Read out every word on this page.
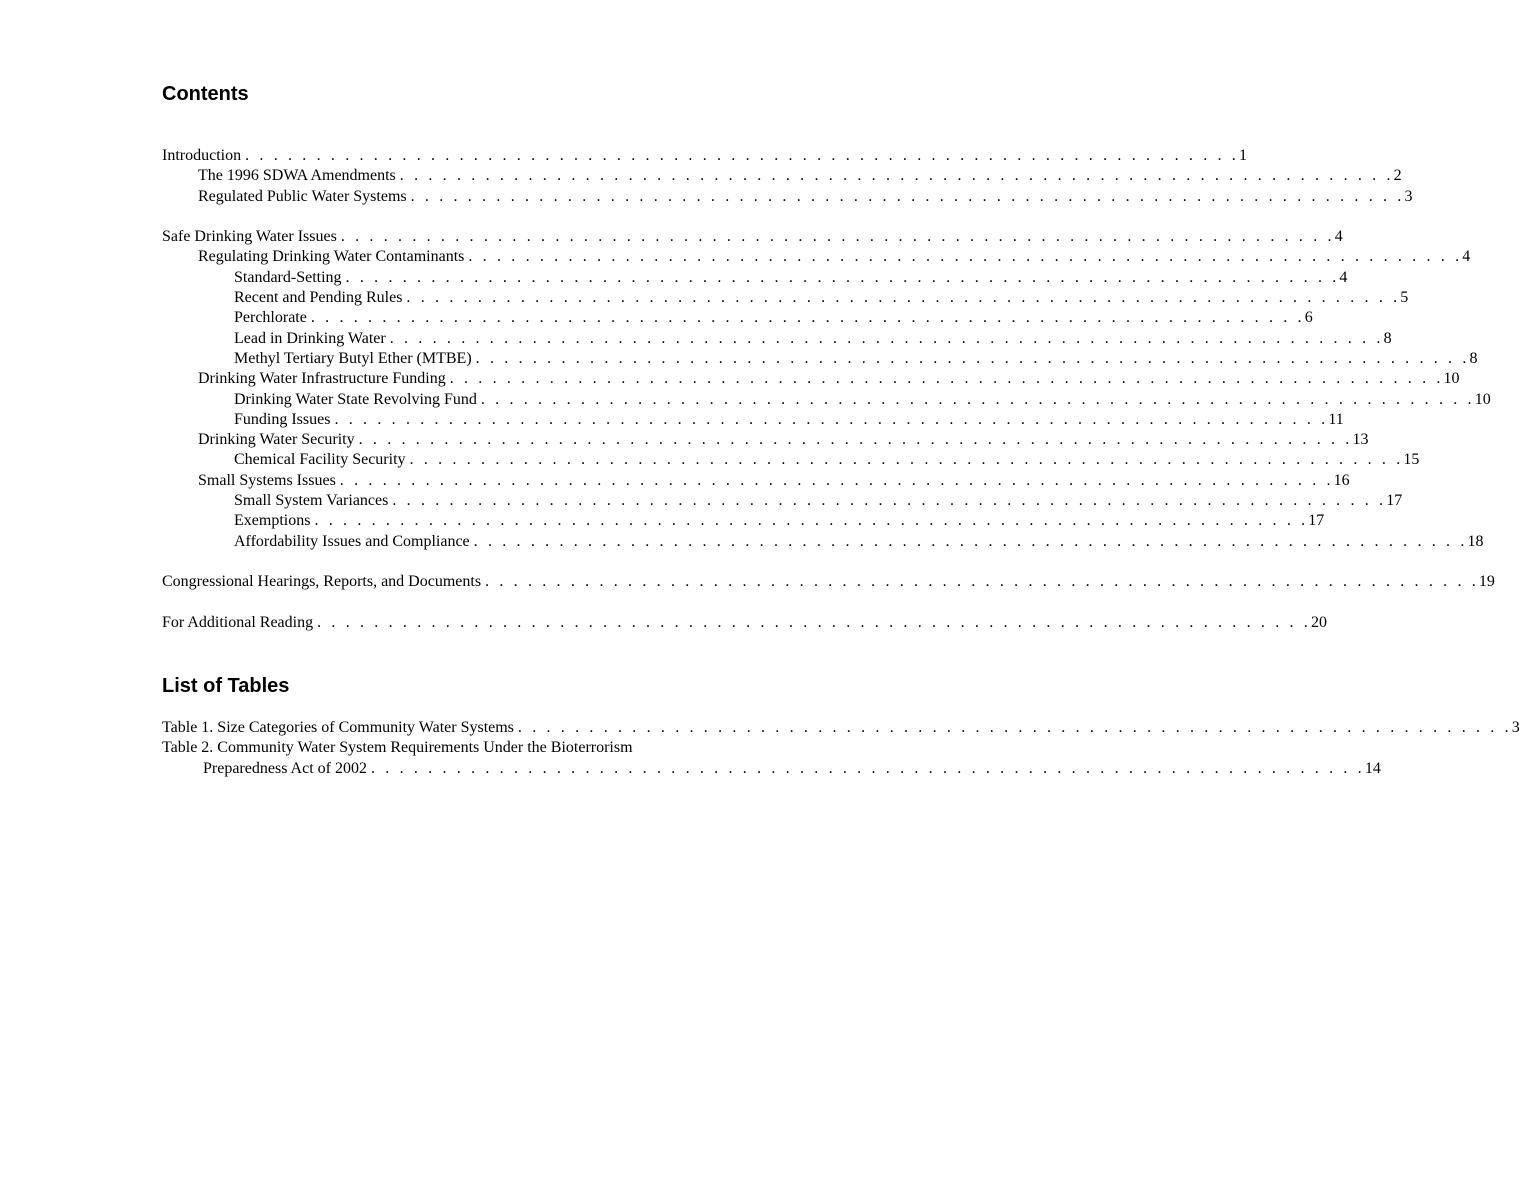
Contents
Introduction . . . . . . . . . . . . . . . . . . . . . . . . . . . . . . . . . . . . . . . . . . . . . . . . . . . . . . . . . . . . . . . . . . . . . . 1
The 1996 SDWA Amendments . . . . . . . . . . . . . . . . . . . . . . . . . . . . . . . . . . . . . . . . . . . . . . . . . . . . . . . . . . . . . . . . . . . . . . 2
Regulated Public Water Systems . . . . . . . . . . . . . . . . . . . . . . . . . . . . . . . . . . . . . . . . . . . . . . . . . . . . . . . . . . . . . . . . . . . . . . 3
Safe Drinking Water Issues . . . . . . . . . . . . . . . . . . . . . . . . . . . . . . . . . . . . . . . . . . . . . . . . . . . . . . . . . . . . . . . . . . . . . . 4
Regulating Drinking Water Contaminants . . . . . . . . . . . . . . . . . . . . . . . . . . . . . . . . . . . . . . . . . . . . . . . . . . . . . . . . . . . . . . . . . . . . . . 4
Standard-Setting . . . . . . . . . . . . . . . . . . . . . . . . . . . . . . . . . . . . . . . . . . . . . . . . . . . . . . . . . . . . . . . . . . . . . . 4
Recent and Pending Rules . . . . . . . . . . . . . . . . . . . . . . . . . . . . . . . . . . . . . . . . . . . . . . . . . . . . . . . . . . . . . . . . . . . . . . 5
Perchlorate . . . . . . . . . . . . . . . . . . . . . . . . . . . . . . . . . . . . . . . . . . . . . . . . . . . . . . . . . . . . . . . . . . . . . . 6
Lead in Drinking Water . . . . . . . . . . . . . . . . . . . . . . . . . . . . . . . . . . . . . . . . . . . . . . . . . . . . . . . . . . . . . . . . . . . . . . 8
Methyl Tertiary Butyl Ether (MTBE) . . . . . . . . . . . . . . . . . . . . . . . . . . . . . . . . . . . . . . . . . . . . . . . . . . . . . . . . . . . . . . . . . . . . . . 8
Drinking Water Infrastructure Funding . . . . . . . . . . . . . . . . . . . . . . . . . . . . . . . . . . . . . . . . . . . . . . . . . . . . . . . . . . . . . . . . . . . . . . 10
Drinking Water State Revolving Fund . . . . . . . . . . . . . . . . . . . . . . . . . . . . . . . . . . . . . . . . . . . . . . . . . . . . . . . . . . . . . . . . . . . . . . 10
Funding Issues . . . . . . . . . . . . . . . . . . . . . . . . . . . . . . . . . . . . . . . . . . . . . . . . . . . . . . . . . . . . . . . . . . . . . . 11
Drinking Water Security . . . . . . . . . . . . . . . . . . . . . . . . . . . . . . . . . . . . . . . . . . . . . . . . . . . . . . . . . . . . . . . . . . . . . . 13
Chemical Facility Security . . . . . . . . . . . . . . . . . . . . . . . . . . . . . . . . . . . . . . . . . . . . . . . . . . . . . . . . . . . . . . . . . . . . . . 15
Small Systems Issues . . . . . . . . . . . . . . . . . . . . . . . . . . . . . . . . . . . . . . . . . . . . . . . . . . . . . . . . . . . . . . . . . . . . . . 16
Small System Variances . . . . . . . . . . . . . . . . . . . . . . . . . . . . . . . . . . . . . . . . . . . . . . . . . . . . . . . . . . . . . . . . . . . . . . 17
Exemptions . . . . . . . . . . . . . . . . . . . . . . . . . . . . . . . . . . . . . . . . . . . . . . . . . . . . . . . . . . . . . . . . . . . . . . 17
Affordability Issues and Compliance . . . . . . . . . . . . . . . . . . . . . . . . . . . . . . . . . . . . . . . . . . . . . . . . . . . . . . . . . . . . . . . . . . . . . . 18
Congressional Hearings, Reports, and Documents . . . . . . . . . . . . . . . . . . . . . . . . . . . . . . . . . . . . . . . . . . . . . . . . . . . . . . . . . . . . . . . . . . . . . . 19
For Additional Reading . . . . . . . . . . . . . . . . . . . . . . . . . . . . . . . . . . . . . . . . . . . . . . . . . . . . . . . . . . . . . . . . . . . . . . 20
List of Tables
Table 1. Size Categories of Community Water Systems . . . . . . . . . . . . . . . . . . . . . . . . . . . . . . . . . . . . . . . . . . . . . . . . . . . . . . . . . . . . . . . . . . . . . . 3
Table 2. Community Water System Requirements Under the Bioterrorism
Preparedness Act of 2002 . . . . . . . . . . . . . . . . . . . . . . . . . . . . . . . . . . . . . . . . . . . . . . . . . . . . . . . . . . . . . . . . . . . . . . 14
